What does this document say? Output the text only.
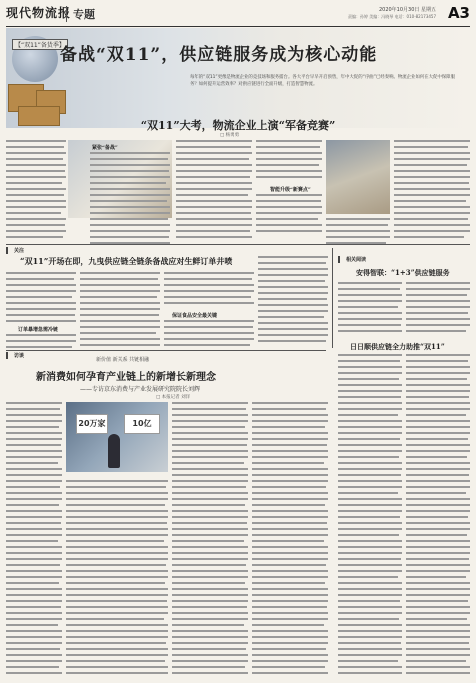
现代物流报 专题	2020年10月30日 星期五
责编：孙婷 美编：冯晓琴 电话：010-82173457 A3
【“双11”备货季】
备战“双11”，供应链服务成为核心动能
每年的“双11”更像是物流企业的竞技场和服务擂台。各大平台早早开启预售，年中大促的“序曲”已经奏响。物流企业如何在大促中保障服务？如何提升运营效率？对供应链进行全面升级，打造智慧物流。
“双11”大考，物流企业上演“军备竞赛”
□ 杨勇勇
紧张“备战”
智能升级“新赛点”
关注
“双11”开场在即，九曳供应链全链条备战应对生鲜订单井喷
订单暴增急需冷链
保证食品安全最关键
相关阅读
安得智联：“1+3”供应链服务
日日顺供应链全力助推“双11”
访谈
新价值 新关系 共链相融
新消费如何孕育产业链上的新增长新理念
——专访京东消费与产业发展研究院院长刘辉
□ 本报记者 刘洋
20万家	10亿
